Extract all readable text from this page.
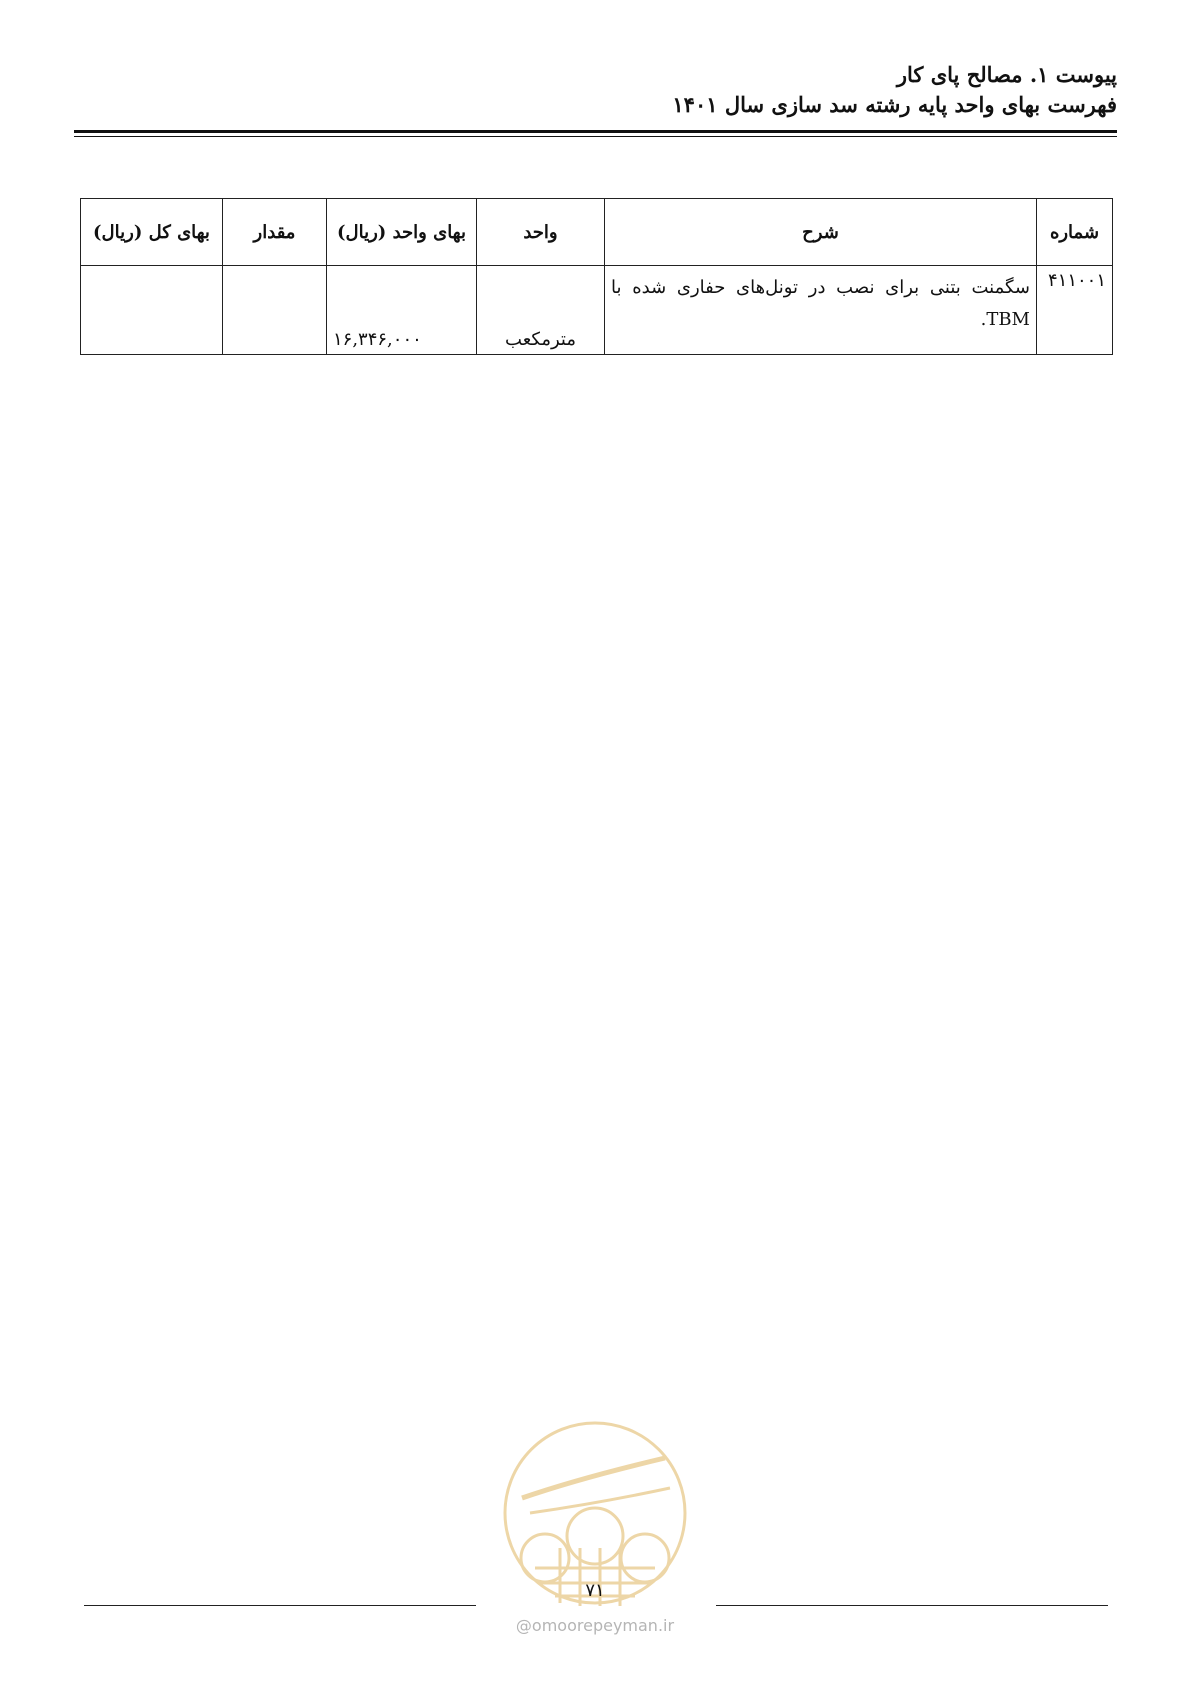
پیوست ۱. مصالح پای کار
فهرست بهای واحد پایه رشته سد سازی سال ۱۴۰۱
شماره	شرح	واحد	بهای واحد (ریال)	مقدار	بهای کل (ریال)
۴۱۱۰۰۱	سگمنت بتنی برای نصب در تونل‌های حفاری شده با TBM.	مترمکعب	۱۶,۳۴۶,۰۰۰		
۷۱
@omoorepeyman.ir
